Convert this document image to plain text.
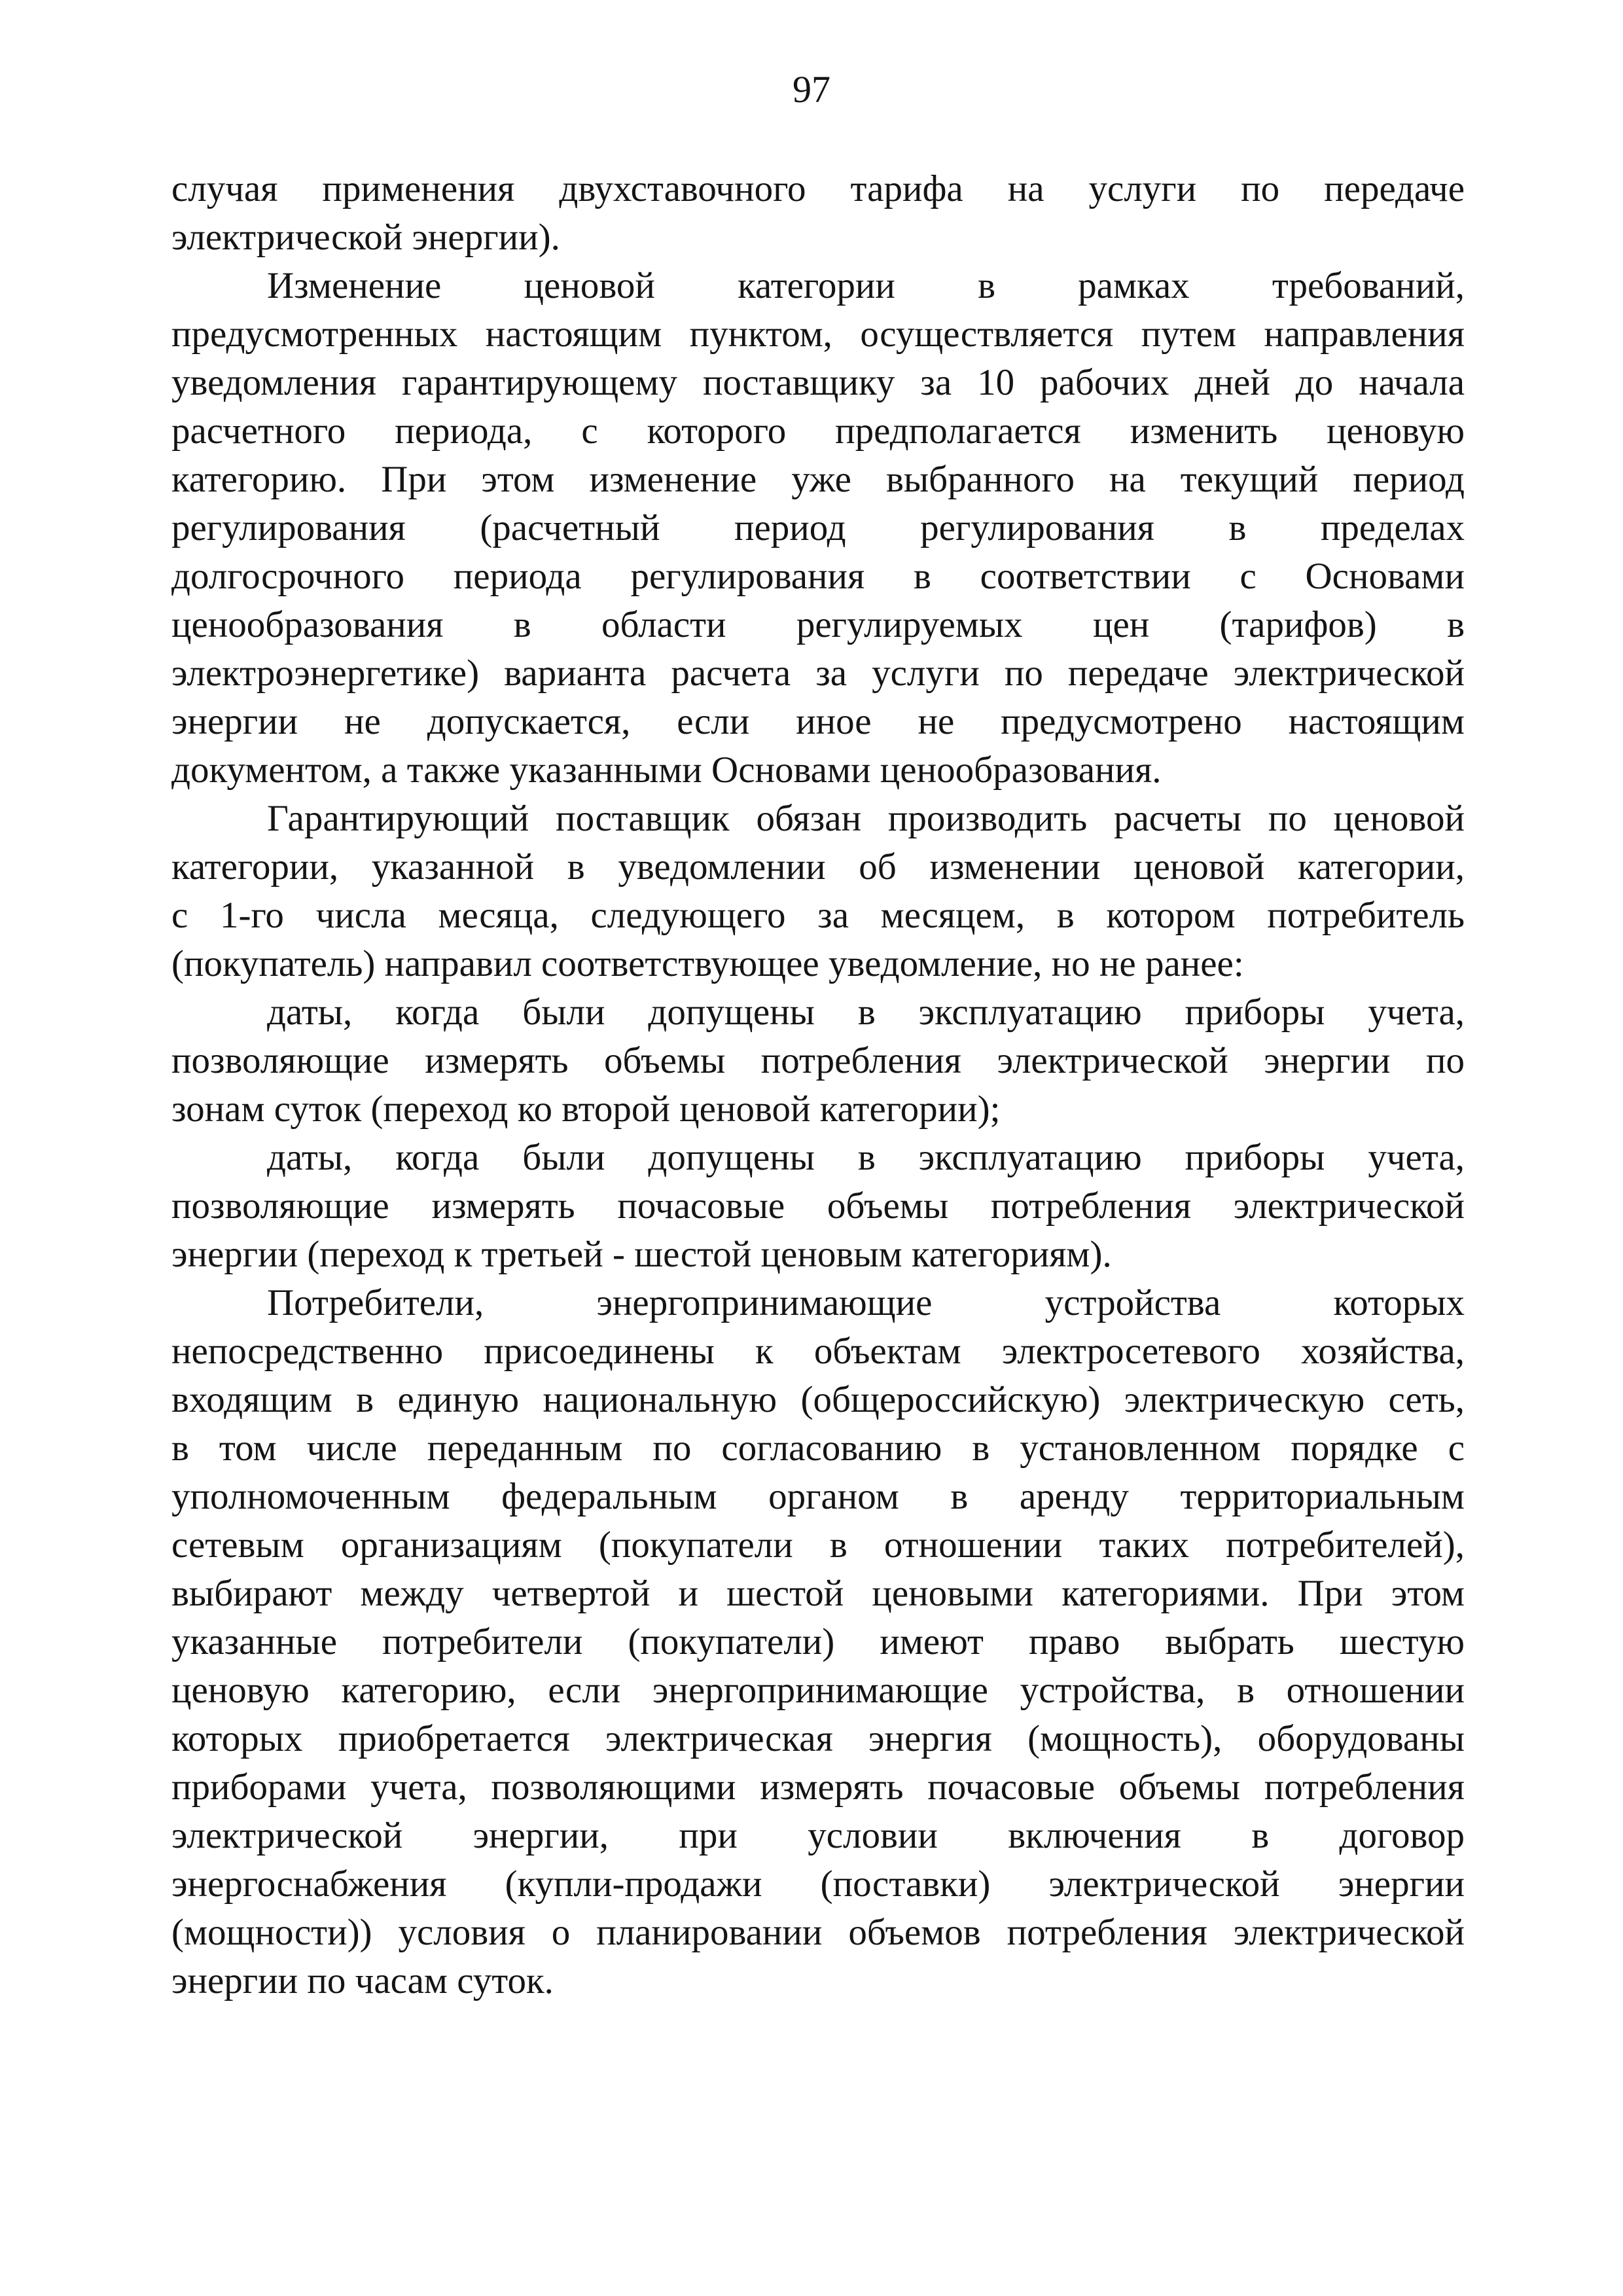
97

случая применения двухставочного тарифа на услуги по передаче
электрической энергии).

Изменение ценовой категории в рамках требований,
предусмотренных настоящим пунктом, осуществляется путем направления
уведомления гарантирующему поставщику за 10 рабочих дней до начала
расчетного периода, с которого предполагается изменить ценовую
категорию. При этом изменение уже выбранного на текущий период
регулирования (расчетный период регулирования в пределах
долгосрочного периода регулирования в соответствии с Основами
ценообразования в области регулируемых цен (тарифов) в
электроэнергетике) варианта расчета за услуги по передаче электрической
энергии не допускается, если иное не предусмотрено настоящим
документом, а также указанными Основами ценообразования.

Гарантирующий поставщик обязан производить расчеты по ценовой
категории, указанной в уведомлении об изменении ценовой категории,
с 1-го числа месяца, следующего за месяцем, в котором потребитель
(покупатель) направил соответствующее уведомление, но не ранее:

даты, когда были допущены в эксплуатацию приборы учета,
позволяющие измерять объемы потребления электрической энергии по
зонам суток (переход ко второй ценовой категории);

даты, когда были допущены в эксплуатацию приборы учета,
позволяющие измерять почасовые объемы потребления электрической
энергии (переход к третьей - шестой ценовым категориям).

Потребители, энергопринимающие устройства которых
непосредственно присоединены к объектам электросетевого хозяйства,
входящим в единую национальную (общероссийскую) электрическую сеть,
в том числе переданным по согласованию в установленном порядке с
уполномоченным федеральным органом в аренду территориальным
сетевым организациям (покупатели в отношении таких потребителей),
выбирают между четвертой и шестой ценовыми категориями. При этом
указанные потребители (покупатели) имеют право выбрать шестую
ценовую категорию, если энергопринимающие устройства, в отношении
которых приобретается электрическая энергия (мощность), оборудованы
приборами учета, позволяющими измерять почасовые объемы потребления
электрической энергии, при условии включения в договор
энергоснабжения (купли-продажи (поставки) электрической энергии
(мощности)) условия о планировании объемов потребления электрической
энергии по часам суток.
